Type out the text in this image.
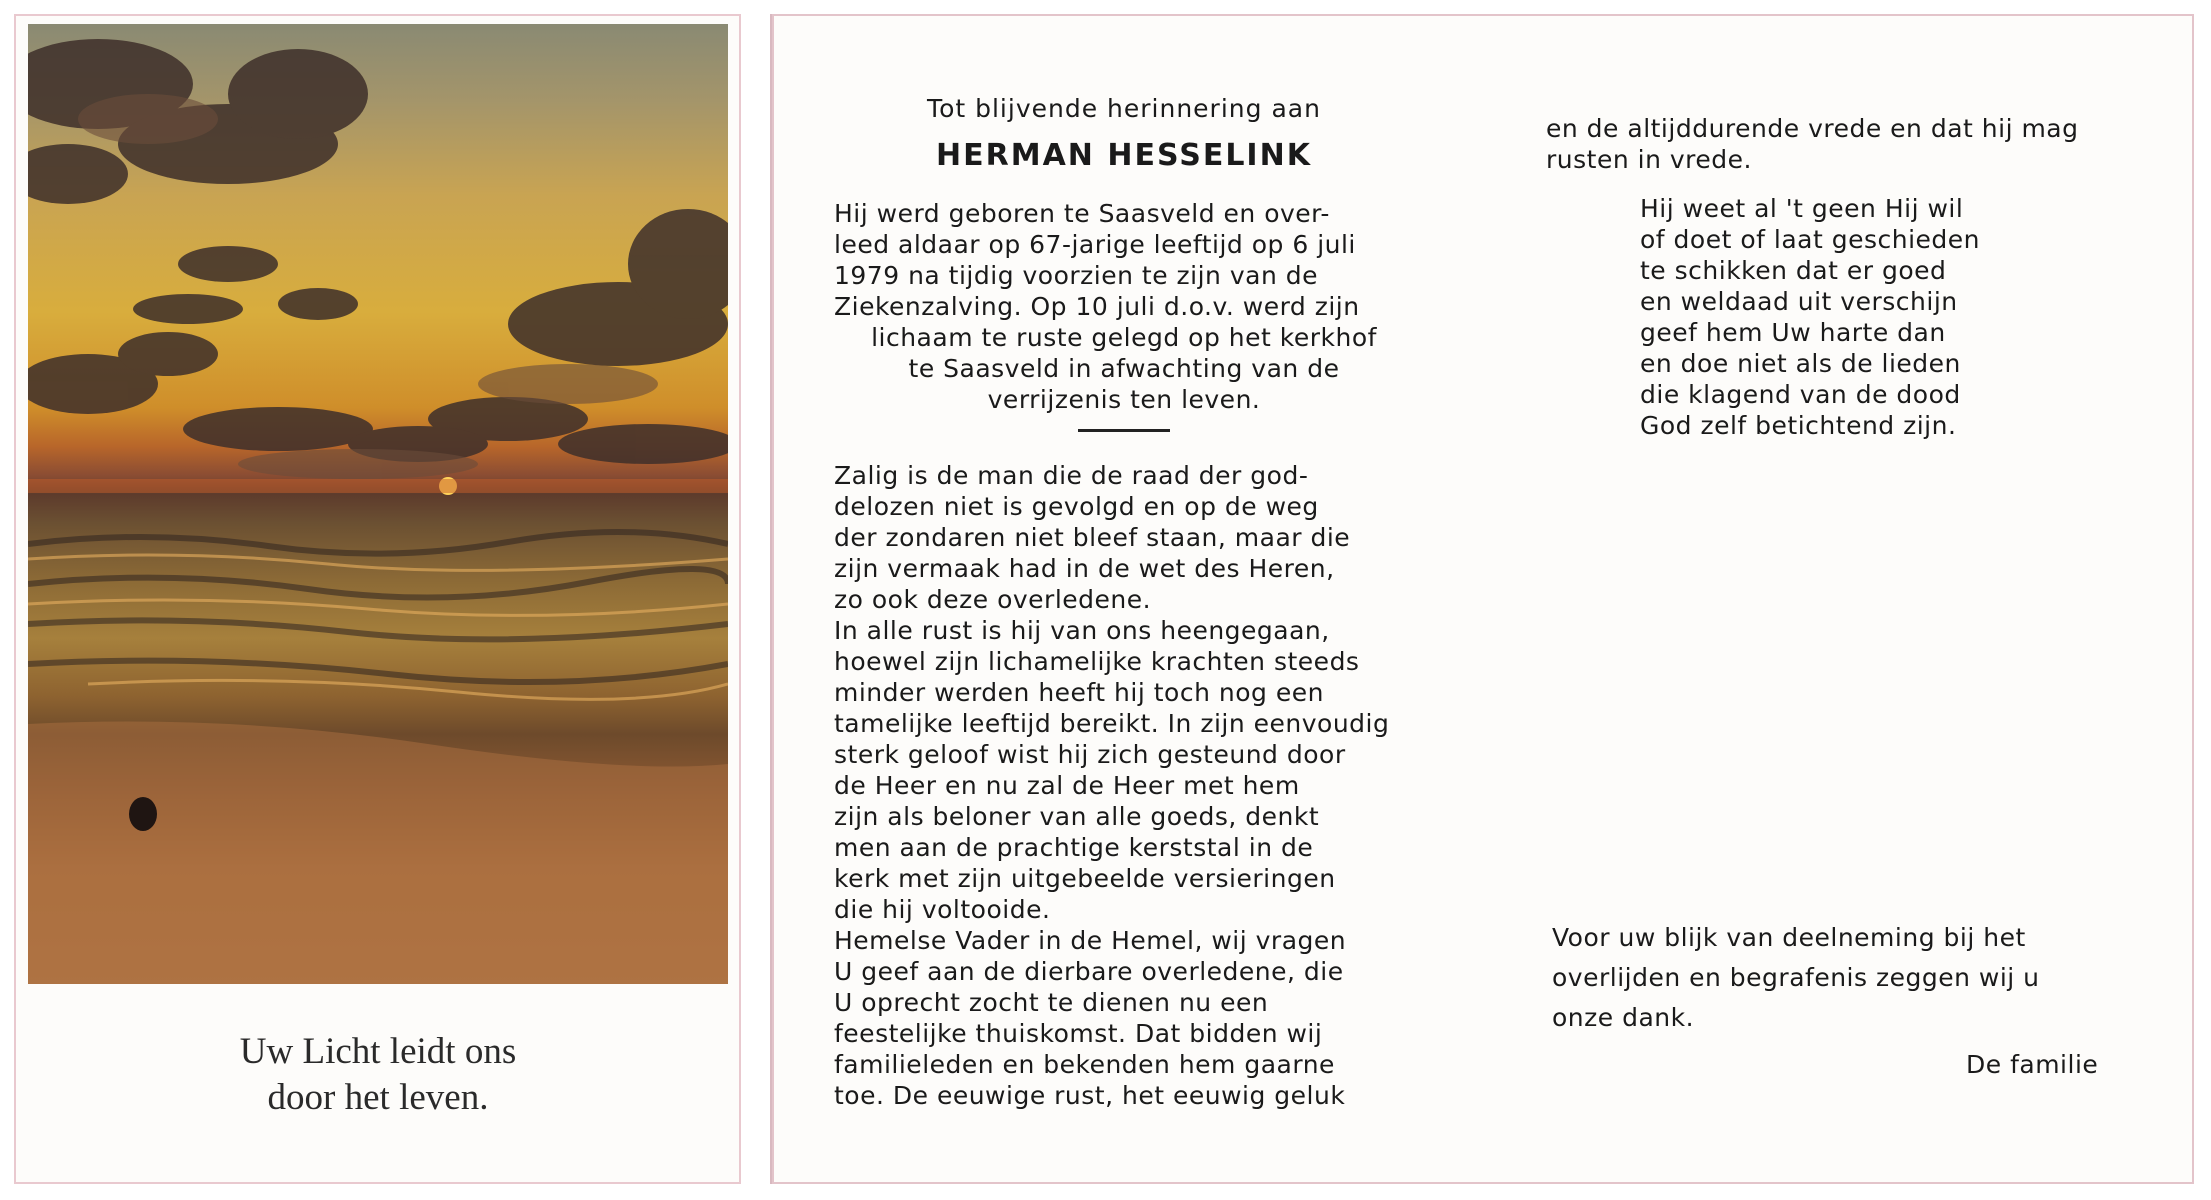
Uw Licht leidt ons
door het leven.

Tot blijvende herinnering aan

HERMAN HESSELINK

Hij werd geboren te Saasveld en over-
leed aldaar op 67-jarige leeftijd op 6 juli
1979 na tijdig voorzien te zijn van de
Ziekenzalving. Op 10 juli d.o.v. werd zijn
lichaam te ruste gelegd op het kerkhof
te Saasveld in afwachting van de
verrijzenis ten leven.

Zalig is de man die de raad der god-

delozen niet is gevolgd en op de weg

der zondaren niet bleef staan, maar die

zijn vermaak had in de wet des Heren,

zo ook deze overledene.

In alle rust is hij van ons heengegaan,

hoewel zijn lichamelijke krachten steeds

minder werden heeft hij toch nog een

tamelijke leeftijd bereikt. In zijn eenvoudig

sterk geloof wist hij zich gesteund door

de Heer en nu zal de Heer met hem

zijn als beloner van alle goeds, denkt

men aan de prachtige kerststal in de

kerk met zijn uitgebeelde versieringen

die hij voltooide.

Hemelse Vader in de Hemel, wij vragen

U geef aan de dierbare overledene, die

U oprecht zocht te dienen nu een

feestelijke thuiskomst. Dat bidden wij

familieleden en bekenden hem gaarne

toe. De eeuwige rust, het eeuwig geluk

en de altijddurende vrede en dat hij mag
rusten in vrede.

Hij weet al 't geen Hij wil
of doet of laat geschieden
te schikken dat er goed
en weldaad uit verschijn
geef hem Uw harte dan
en doe niet als de lieden
die klagend van de dood
God zelf betichtend zijn.
Voor uw blijk van deelneming bij het
overlijden en begrafenis zeggen wij u
onze dank.
De familie
